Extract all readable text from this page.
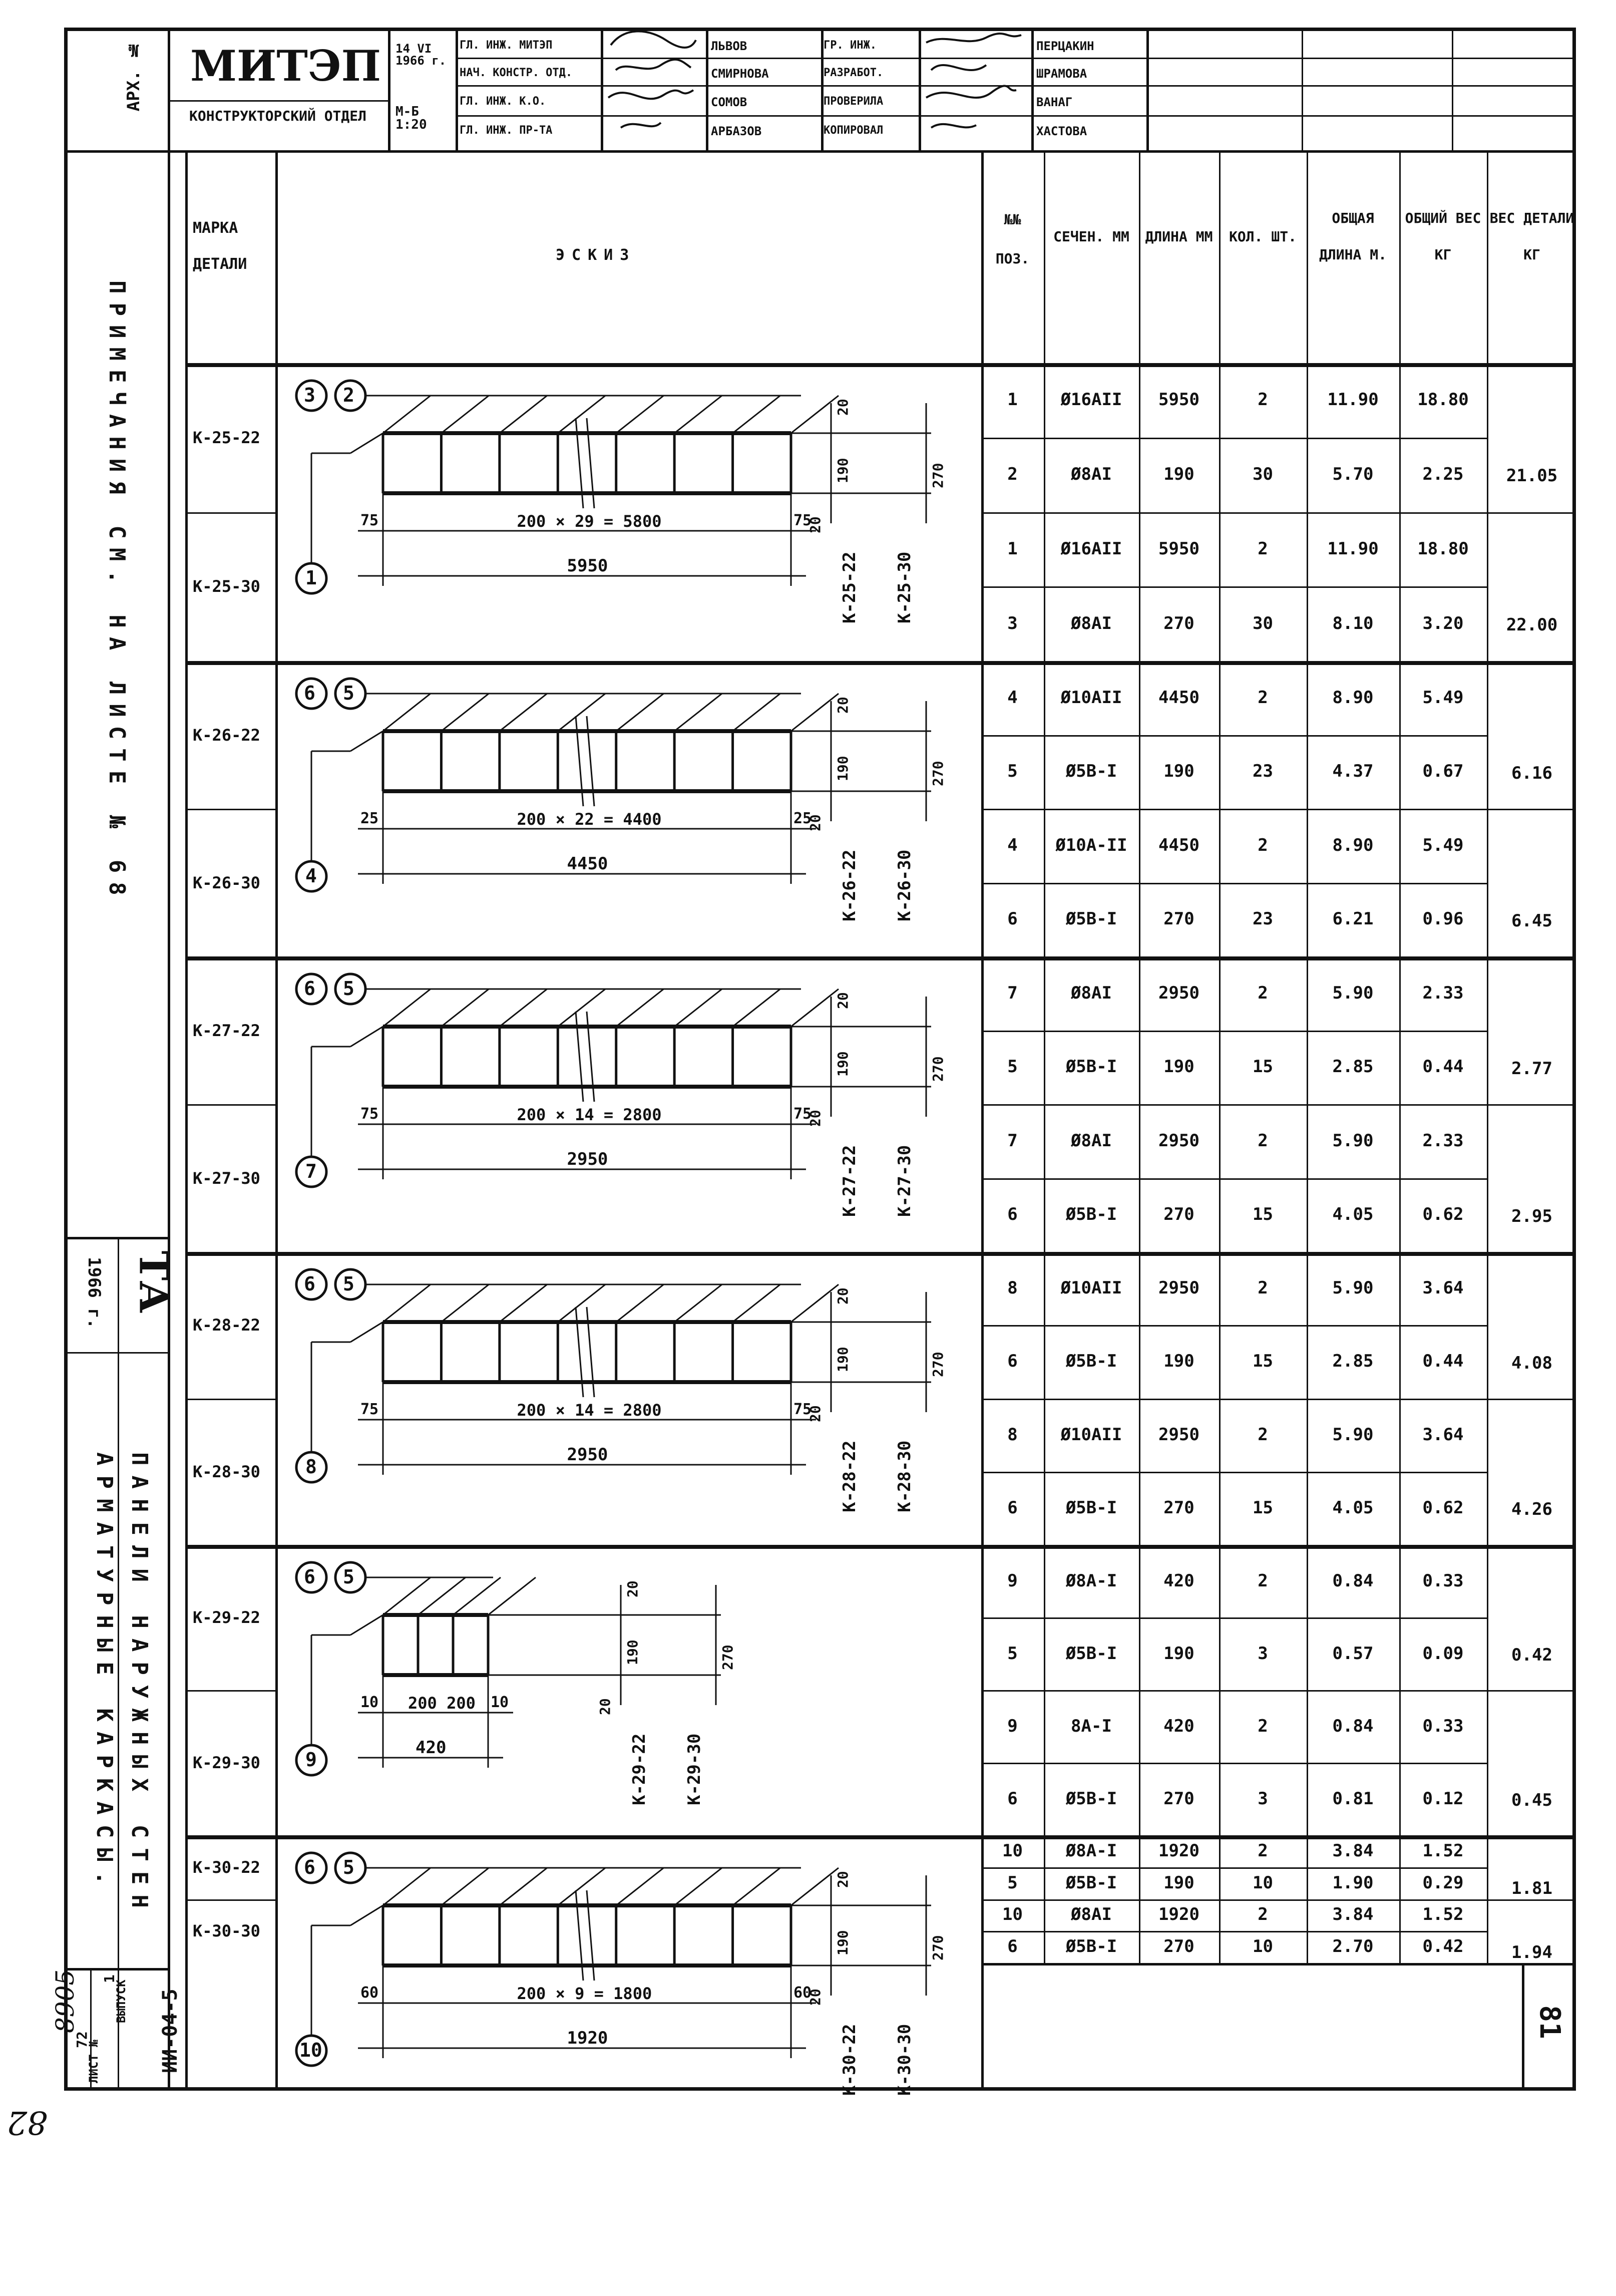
АРХ. № МИТЭП
КОНСТРУКТОРСКИЙ ОТДЕЛ
14 VI 1966 г.
М-Б 1:20
ГЛ. ИНЖ. МИТЭП
НАЧ. КОНСТР. ОТД.
ГЛ. ИНЖ. К.О.
ГЛ. ИНЖ. ПР-ТА
ЛЬВОВ
СМИРНОВА
СОМОВ
АРБАЗОВ
ГР. ИНЖ.
РАЗРАБОТ.
ПРОВЕРИЛА
КОПИРОВАЛ
ПЕРЦАКИН
ШРАМОВА
ВАНАГ
ХАСТОВА
ПРИМЕЧАНИЯ СМ. НА ЛИСТЕ № 68
ТА
1966 г.
ПАНЕЛИ НАРУЖНЫХ СТЕН
АРМАТУРНЫЕ КАРКАСЫ.
ВЫПУСК
1
ЛИСТ №
72	ИИ-04-5
8905
82
МАРКА ДЕТАЛИ
ЭСКИЗ
№№ ПОЗ.
СЕЧЕН. ММ	ДЛИНА ММ	КОЛ. ШТ.
ОБЩАЯ ДЛИНА М.
ОБЩИЙ ВЕС КГ
ВЕС ДЕТАЛИ КГ
1	Ø16АII	5950	2	11.90	18.80
2	Ø8АI	190	30	5.70	2.25
1	Ø16АII	5950	2	11.90	18.80
3	Ø8АI	270	30	8.10	3.20
4	Ø10АII	4450	2	8.90	5.49
5	Ø5В-I	190	23	4.37	0.67
4	Ø10А-II	4450	2	8.90	5.49
6	Ø5В-I	270	23	6.21	0.96
7	Ø8АI	2950	2	5.90	2.33
5	Ø5В-I	190	15	2.85	0.44
7	Ø8АI	2950	2	5.90	2.33
6	Ø5В-I	270	15	4.05	0.62
8	Ø10АII	2950	2	5.90	3.64
6	Ø5В-I	190	15	2.85	0.44
8	Ø10АII	2950	2	5.90	3.64
6	Ø5В-I	270	15	4.05	0.62
9	Ø8А-I	420	2	0.84	0.33
5	Ø5В-I	190	3	0.57	0.09
9	8А-I	420	2	0.84	0.33
6	Ø5В-I	270	3	0.81	0.12
10	Ø8А-I	1920	2	3.84	1.52
5	Ø5В-I	190	10	1.90	0.29
10	Ø8АI	1920	2	3.84	1.52
6	Ø5В-I	270	10	2.70	0.42
21.05
22.00
6.16
6.45
2.77
2.95
4.08
4.26
0.42
0.45
1.81
1.94
К-25-22
К-25-30
К-26-22
К-26-30
К-27-22
К-27-30
К-28-22
К-28-30
К-29-22
К-29-30
К-30-22
К-30-30
3 2
1
75	75
200 × 29 = 5800
5950
20
190	270
20
К-25-22 К-25-30
6 5
4
25	25
200 × 22 = 4400
4450
20
190	270
20
К-26-22 К-26-30
6 5
7
75	75
200 × 14 = 2800
2950
20
190	270
20
К-27-22 К-27-30
6 5
8
75	75
200 × 14 = 2800
2950
20
190	270
20
К-28-22 К-28-30
6 5
9
10	10
200 200
420
20
190	270
20
К-29-22 К-29-30
6 5
10
60	60
200 × 9 = 1800
1920
20
190	270
20
К-30-22 К-30-30
81
